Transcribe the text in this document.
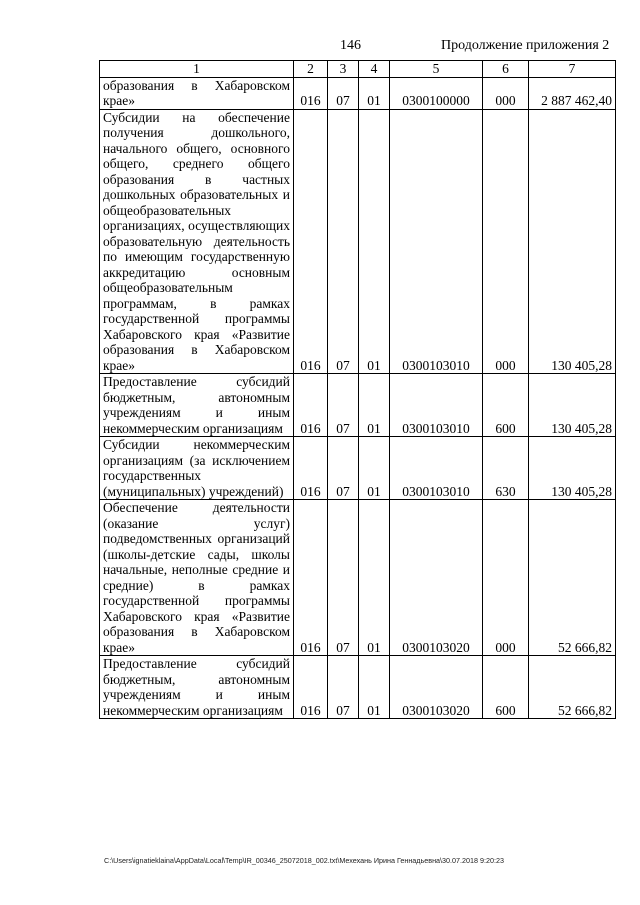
146	Продолжение приложения 2
1	2	3	4	5	6	7
образования в Хабаровском крае»	016	07	01	0300100000	000	2 887 462,40
Субсидии на обеспечение получения дошкольного, начального общего, основного общего, среднего общего образования в частных дошкольных образовательных и общеобразовательных организациях, осуществляющих образовательную деятельность по имеющим государственную аккредитацию основным общеобразовательным программам, в рамках государственной программы Хабаровского края «Развитие образования в Хабаровском крае»	016	07	01	0300103010	000	130 405,28
Предоставление субсидий бюджетным, автономным учреждениям и иным некоммерческим организациям	016	07	01	0300103010	600	130 405,28
Субсидии некоммерческим организациям (за исключением государственных (муниципальных) учреждений)	016	07	01	0300103010	630	130 405,28
Обеспечение деятельности (оказание услуг) подведомственных организаций (школы-детские сады, школы начальные, неполные средние и средние) в рамках государственной программы Хабаровского края «Развитие образования в Хабаровском крае»	016	07	01	0300103020	000	52 666,82
Предоставление субсидий бюджетным, автономным учреждениям и иным некоммерческим организациям	016	07	01	0300103020	600	52 666,82
C:\Users\ignatieklaina\AppData\Local\Temp\IR_00346_25072018_002.txt\Мехехань Ирина Геннадьевна\30.07.2018 9:20:23
